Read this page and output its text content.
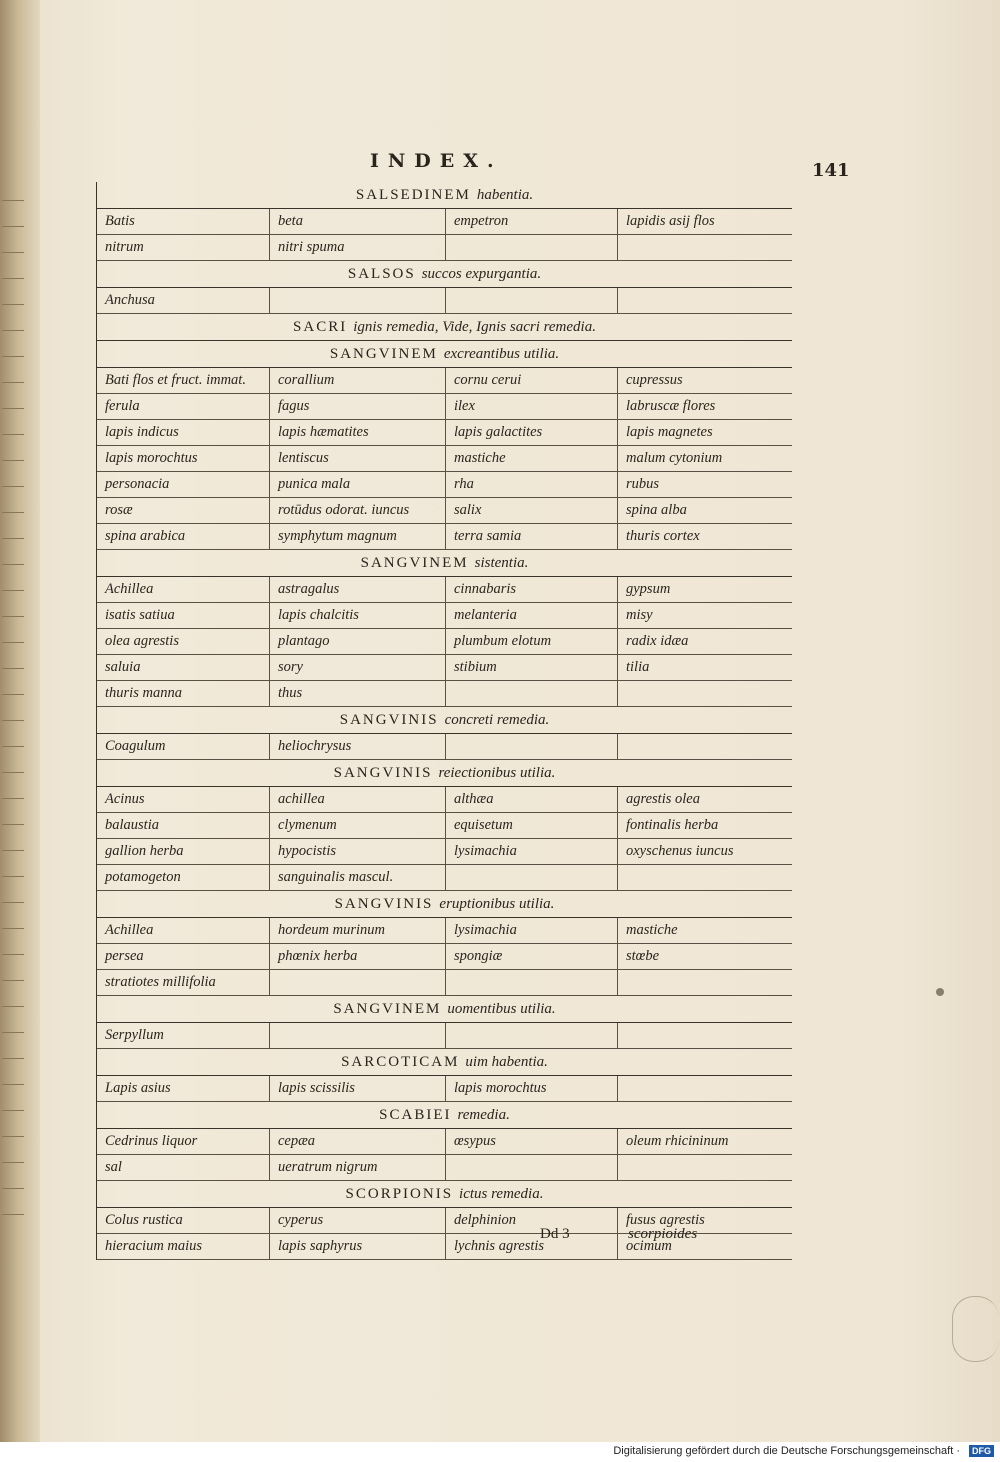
INDEX.	141
SALSEDINEM habentia.
Batis	beta	empetron	lapidis asij flos
nitrum	nitri spuma
SALSOS succos expurgantia.
Anchusa
SACRI ignis remedia, Vide, Ignis sacri remedia.
SANGVINEM excreantibus utilia.
Bati flos et fruct. immat.	corallium	cornu cerui	cupressus
ferula	fagus	ilex	labruscæ flores
lapis indicus	lapis hæmatites	lapis galactites	lapis magnetes
lapis morochtus	lentiscus	mastiche	malum cytonium
personacia	punica mala	rha	rubus
rosæ	rotūdus odorat. iuncus	salix	spina alba
spina arabica	symphytum magnum	terra samia	thuris cortex
SANGVINEM sistentia.
Achillea	astragalus	cinnabaris	gypsum
isatis satiua	lapis chalcitis	melanteria	misy
olea agrestis	plantago	plumbum elotum	radix idæa
saluia	sory	stibium	tilia
thuris manna	thus
SANGVINIS concreti remedia.
Coagulum	heliochrysus
SANGVINIS reiectionibus utilia.
Acinus	achillea	althæa	agrestis olea
balaustia	clymenum	equisetum	fontinalis herba
gallion herba	hypocistis	lysimachia	oxyschenus iuncus
potamogeton	sanguinalis mascul.
SANGVINIS eruptionibus utilia.
Achillea	hordeum murinum	lysimachia	mastiche
persea	phœnix herba	spongiæ	stœbe
stratiotes millifolia
SANGVINEM uomentibus utilia.
Serpyllum
SARCOTICAM uim habentia.
Lapis asius	lapis scissilis	lapis morochtus
SCABIEI remedia.
Cedrinus liquor	cepæa	œsypus	oleum rhicininum
sal	ueratrum nigrum
SCORPIONIS ictus remedia.
Colus rustica	cyperus	delphinion	fusus agrestis
hieracium maius	lapis saphyrus	lychnis agrestis	ocimum
Dd 3	scorpioides
Digitalisierung gefördert durch die Deutsche Forschungsgemeinschaft ·	DFG
